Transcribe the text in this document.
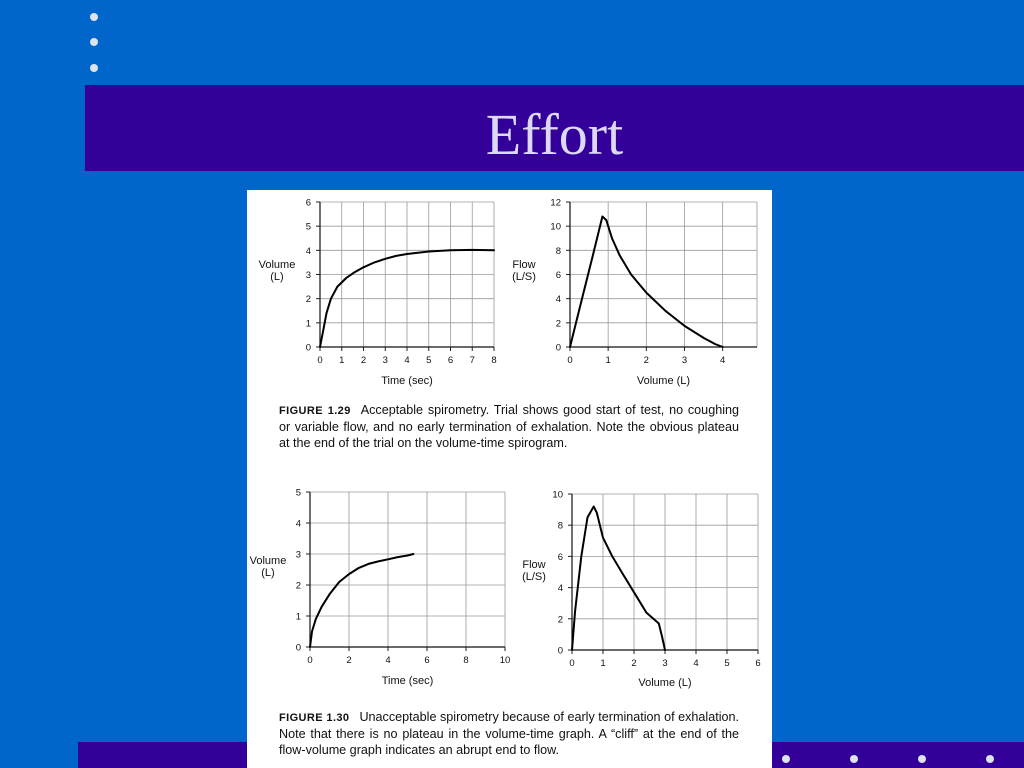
Effort
0 1 2 3 4 5 6 7 8
0
1
2
3
4
5
6
Time (sec)
Volume
(L)
0	1	2	3	4
0
2
4
6
8
10
12
Volume (L)
Flow
(L/S)
0	2	4	6	8	10
0
1
2
3
4
5
Time (sec)
Volume
(L)
0	1	2	3	4	5	6
0
2
4
6
8
10
Volume (L)
Flow
(L/S)

FIGURE 1.29 Acceptable spirometry. Trial shows good start of test, no coughing or variable flow, and no early termination of exhalation. Note the obvious plateau at the end of the trial on the volume-time spirogram.

FIGURE 1.30 Unacceptable spirometry because of early termination of exhalation. Note that there is no plateau in the volume-time graph. A “cliff” at the end of the flow-volume graph indicates an abrupt end to flow.
